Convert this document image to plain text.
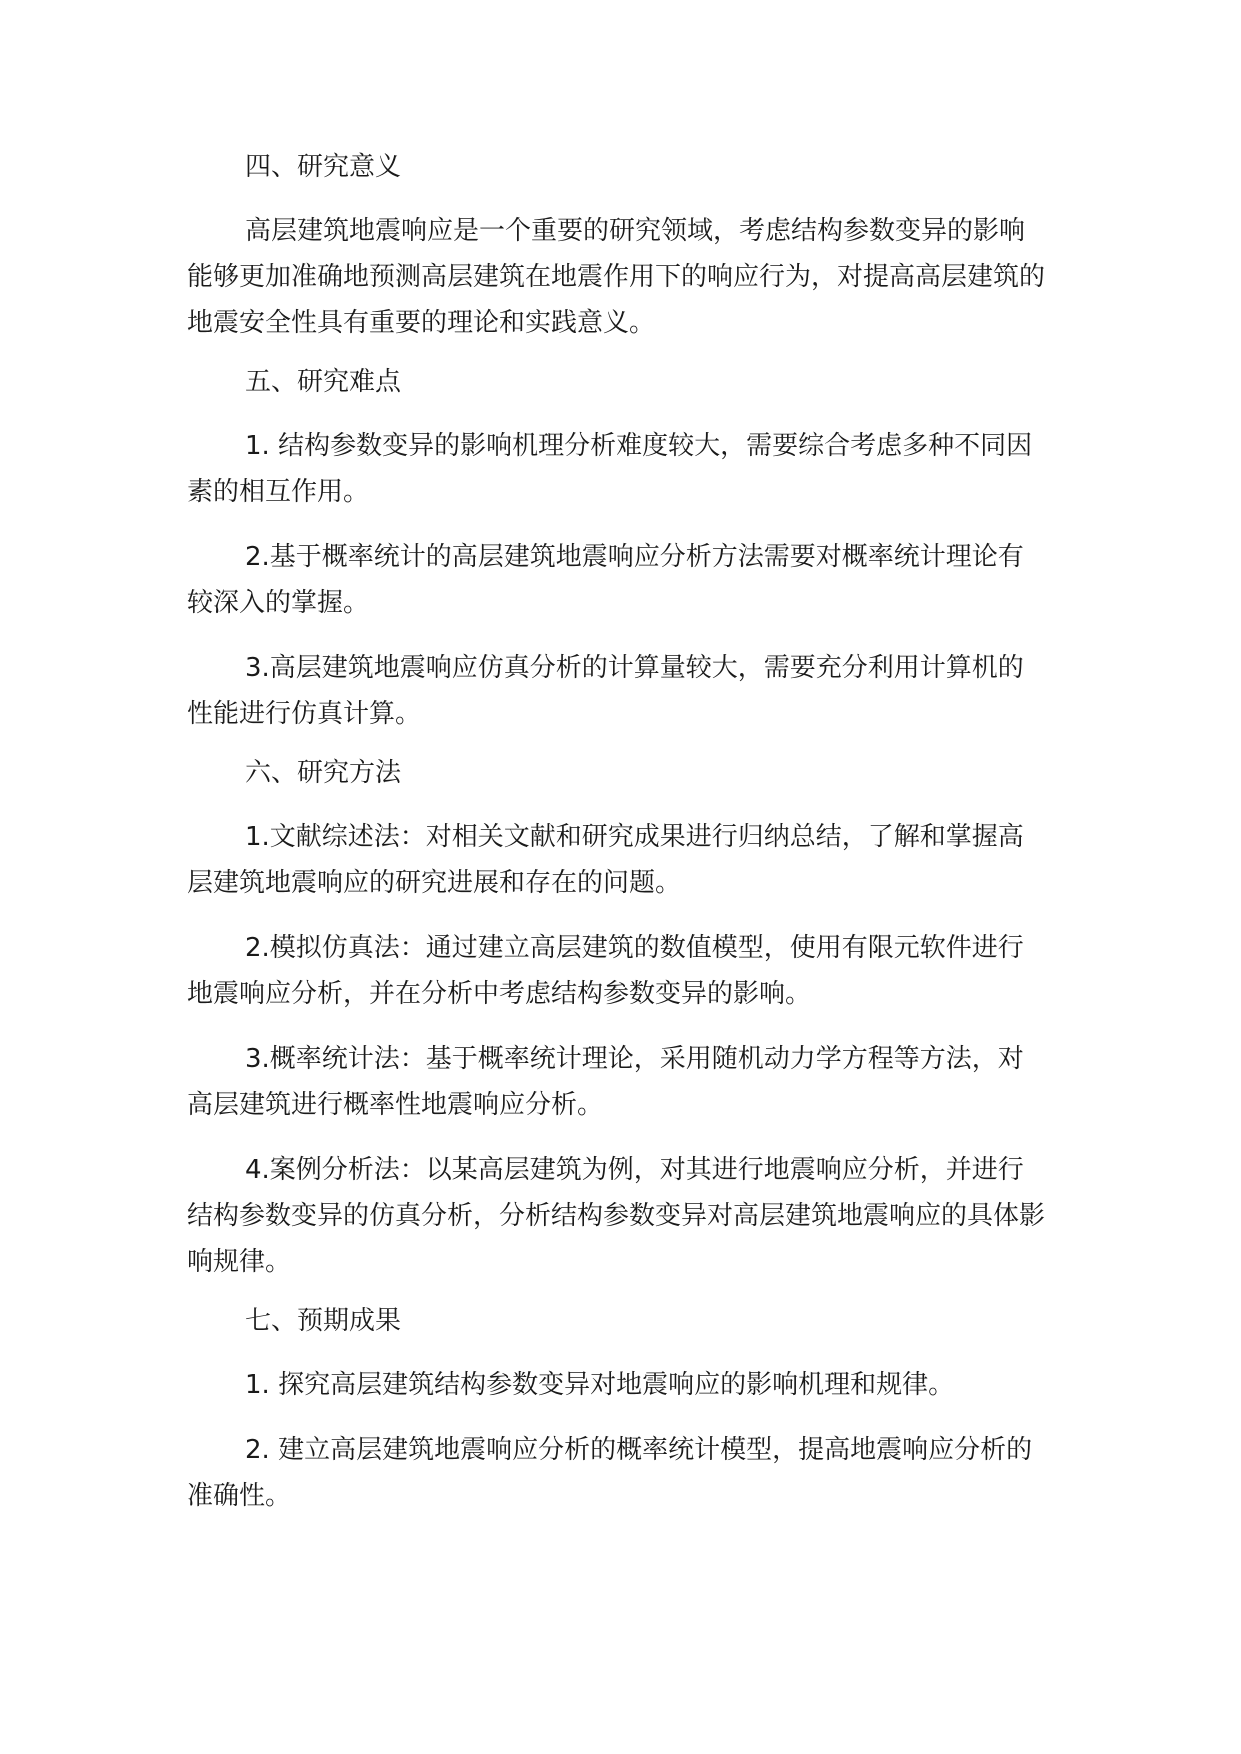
四、研究意义
高层建筑地震响应是一个重要的研究领域，考虑结构参数变异的影响能够更加准确地预测高层建筑在地震作用下的响应行为，对提高高层建筑的地震安全性具有重要的理论和实践意义。
五、研究难点
1. 结构参数变异的影响机理分析难度较大，需要综合考虑多种不同因素的相互作用。
2.基于概率统计的高层建筑地震响应分析方法需要对概率统计理论有较深入的掌握。
3.高层建筑地震响应仿真分析的计算量较大，需要充分利用计算机的性能进行仿真计算。
六、研究方法
1.文献综述法：对相关文献和研究成果进行归纳总结，了解和掌握高层建筑地震响应的研究进展和存在的问题。
2.模拟仿真法：通过建立高层建筑的数值模型，使用有限元软件进行地震响应分析，并在分析中考虑结构参数变异的影响。
3.概率统计法：基于概率统计理论，采用随机动力学方程等方法，对高层建筑进行概率性地震响应分析。
4.案例分析法：以某高层建筑为例，对其进行地震响应分析，并进行结构参数变异的仿真分析，分析结构参数变异对高层建筑地震响应的具体影响规律。
七、预期成果
1. 探究高层建筑结构参数变异对地震响应的影响机理和规律。
2. 建立高层建筑地震响应分析的概率统计模型，提高地震响应分析的准确性。
